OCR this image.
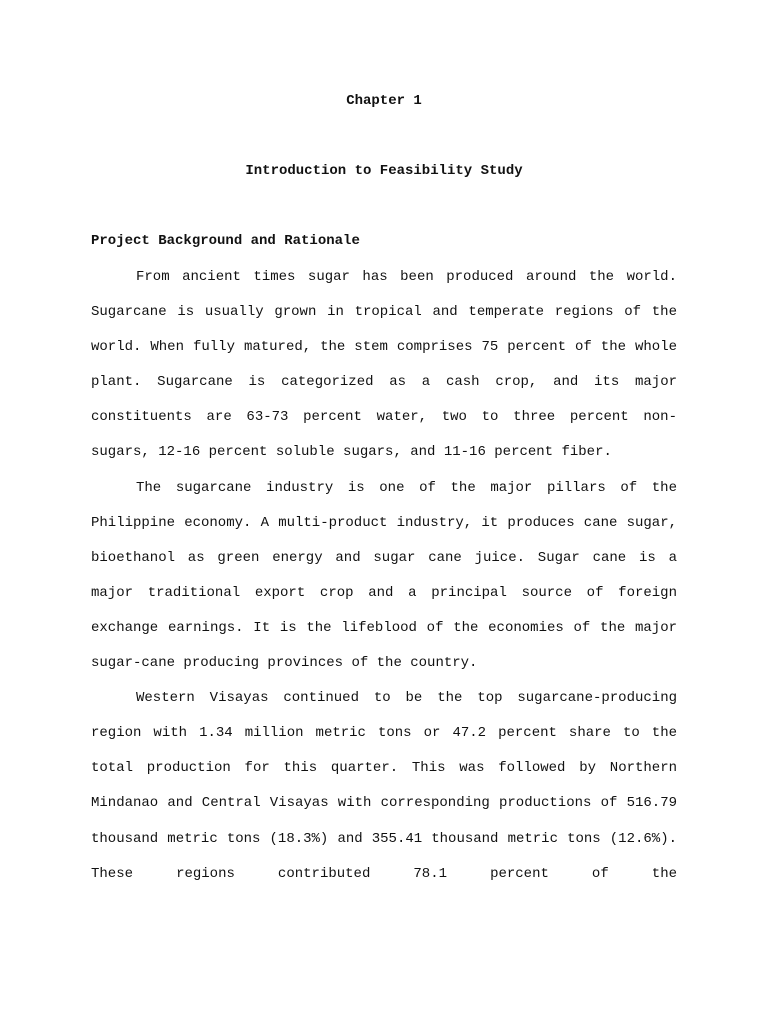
Chapter 1
Introduction to Feasibility Study
Project Background and Rationale

From ancient times sugar has been produced around the world. Sugarcane is usually grown in tropical and temperate regions of the world. When fully matured, the stem comprises 75 percent of the whole plant. Sugarcane is categorized as a cash crop, and its major constituents are 63-73 percent water, two to three percent non-sugars, 12-16 percent soluble sugars, and 11-16 percent fiber.

The sugarcane industry is one of the major pillars of the Philippine economy. A multi-product industry, it produces cane sugar, bioethanol as green energy and sugar cane juice. Sugar cane is a major traditional export crop and a principal source of foreign exchange earnings. It is the lifeblood of the economies of the major sugar-cane producing provinces of the country.

Western Visayas continued to be the top sugarcane-producing region with 1.34 million metric tons or 47.2 percent share to the total production for this quarter. This was followed by Northern Mindanao and Central Visayas with corresponding productions of 516.79 thousand metric tons (18.3%) and 355.41 thousand metric tons (12.6%). These regions contributed 78.1 percent of the
